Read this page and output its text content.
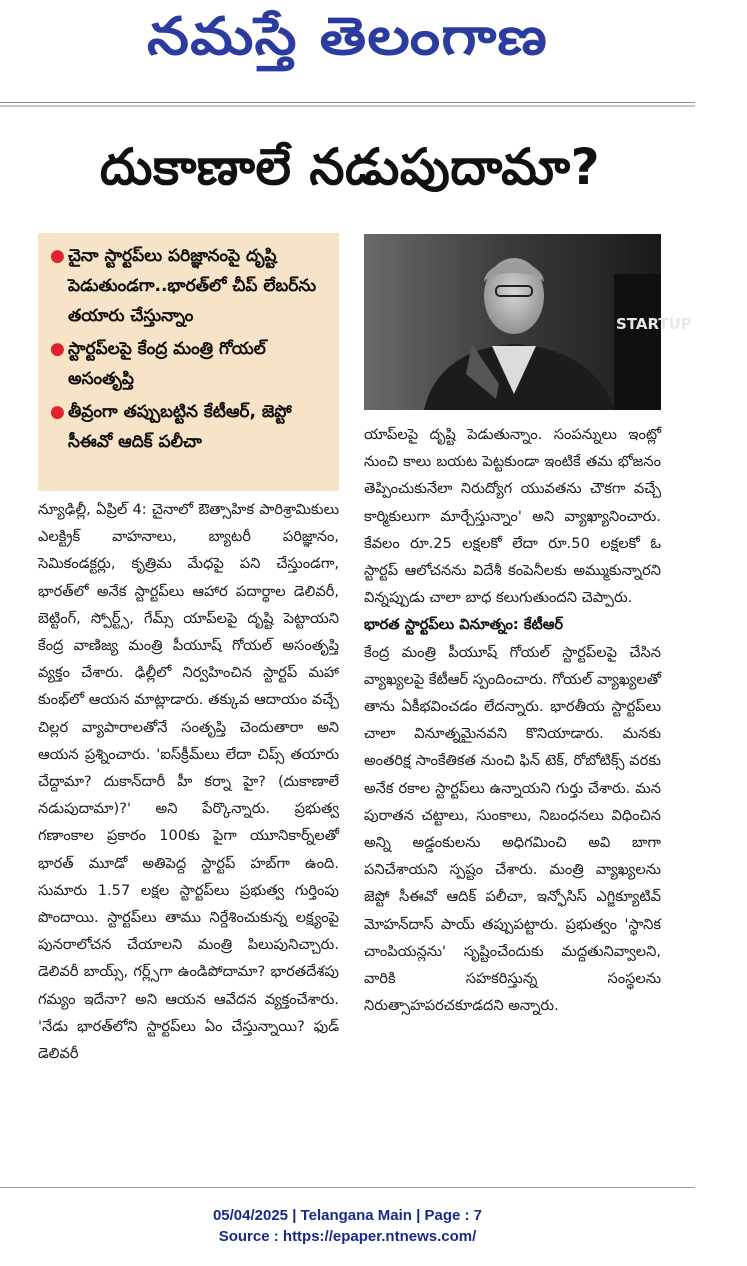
నమస్తే తెలంగాణ
దుకాణాలే నడుపుదామా?
● చైనా స్టార్టప్‌లు పరిజ్ఞానంపై దృష్టి పెడుతుండగా..భారత్‌లో చీప్ లేబర్‌ను తయారు చేస్తున్నాం
● స్టార్టప్‌లపై కేంద్ర మంత్రి గోయల్ అసంతృప్తి
● తీవ్రంగా తప్పుబట్టిన కేటీఆర్, జెప్టో సీఈవో ఆదిక్ పలీచా
STARTUP

న్యూఢిల్లీ, ఏప్రిల్ 4: చైనాలో ఔత్సాహిక పారిశ్రామికులు ఎలక్ట్రిక్ వాహనాలు, బ్యాటరీ పరిజ్ఞానం, సెమికండక్టర్లు, కృత్రిమ మేధపై పని చేస్తుండగా, భారత్‌లో అనేక స్టార్టప్‌లు ఆహార పదార్థాల డెలివరీ, బెట్టింగ్, స్పోర్ట్స్, గేమ్స్ యాప్‌లపై దృష్టి పెట్టాయని కేంద్ర వాణిజ్య మంత్రి పీయూష్ గోయల్ అసంతృప్తి వ్యక్తం చేశారు. ఢిల్లీలో నిర్వహించిన స్టార్టప్ మహా కుంభ్‌లో ఆయన మాట్లాడారు. తక్కువ ఆదాయం వచ్చే చిల్లర వ్యాపారాలతోనే సంతృప్తి చెందుతారా అని ఆయన ప్రశ్నించారు. 'ఐస్‌క్రీమ్‌లు లేదా చిప్స్ తయారు చేద్దామా? దుకాన్‌దారీ హీ కర్నా హై? (దుకాణాలే నడుపుదామా)?' అని పేర్కొన్నారు. ప్రభుత్వ గణాంకాల ప్రకారం 100కు పైగా యూనికార్న్‌లతో భారత్ మూడో అతిపెద్ద స్టార్టప్ హబ్‌గా ఉంది. సుమారు 1.57 లక్షల స్టార్టప్‌లు ప్రభుత్వ గుర్తింపు పొందాయి. స్టార్టప్‌లు తాము నిర్దేశించుకున్న లక్ష్యంపై పునరాలోచన చేయాలని మంత్రి పిలుపునిచ్చారు. డెలివరీ బాయ్స్, గర్ల్స్‌గా ఉండిపోదామా? భారతదేశపు గమ్యం ఇదేనా? అని ఆయన ఆవేదన వ్యక్తంచేశారు. 'నేడు భారత్‌లోని స్టార్టప్‌లు ఏం చేస్తున్నాయి? ఫుడ్ డెలివరీ

యాప్‌లపై దృష్టి పెడుతున్నాం. సంపన్నులు ఇంట్లో నుంచి కాలు బయట పెట్టకుండా ఇంటికే తమ భోజనం తెప్పించుకునేలా నిరుద్యోగ యువతను చౌకగా వచ్చే కార్మికులుగా మార్చేస్తున్నాం' అని వ్యాఖ్యానించారు. కేవలం రూ.25 లక్షలకో లేదా రూ.50 లక్షలకో ఓ స్టార్టప్ ఆలోచనను విదేశీ కంపెనీలకు అమ్ముకున్నారని విన్నప్పుడు చాలా బాధ కలుగుతుందని చెప్పారు.

భారత స్టార్టప్‌లు వినూత్నం: కేటీఆర్

కేంద్ర మంత్రి పీయూష్ గోయల్ స్టార్టప్‌లపై చేసిన వ్యాఖ్యలపై కేటీఆర్ స్పందించారు. గోయల్ వ్యాఖ్యలతో తాను ఏకీభవించడం లేదన్నారు. భారతీయ స్టార్టప్‌లు చాలా వినూత్నమైనవని కొనియాడారు. మనకు అంతరిక్ష సాంకేతికత నుంచి ఫిన్ టెక్, రోబోటిక్స్ వరకు అనేక రకాల స్టార్టప్‌లు ఉన్నాయని గుర్తు చేశారు. మన పురాతన చట్టాలు, సుంకాలు, నిబంధనలు విధించిన అన్ని అడ్డంకులను అధిగమించి అవి బాగా పనిచేశాయని స్పష్టం చేశారు. మంత్రి వ్యాఖ్యలను జెప్టో సీఈవో ఆదిక్ పలీచా, ఇన్ఫోసిస్ ఎగ్జిక్యూటివ్ మోహన్‌దాస్ పాయ్ తప్పుపట్టారు. ప్రభుత్వం 'స్థానిక చాంపియన్లను' సృష్టించేందుకు మద్దతునివ్వాలని, వారికి సహకరిస్తున్న సంస్థలను నిరుత్సాహపరచకూడదని అన్నారు.

05/04/2025 | Telangana Main | Page : 7
Source : https://epaper.ntnews.com/
